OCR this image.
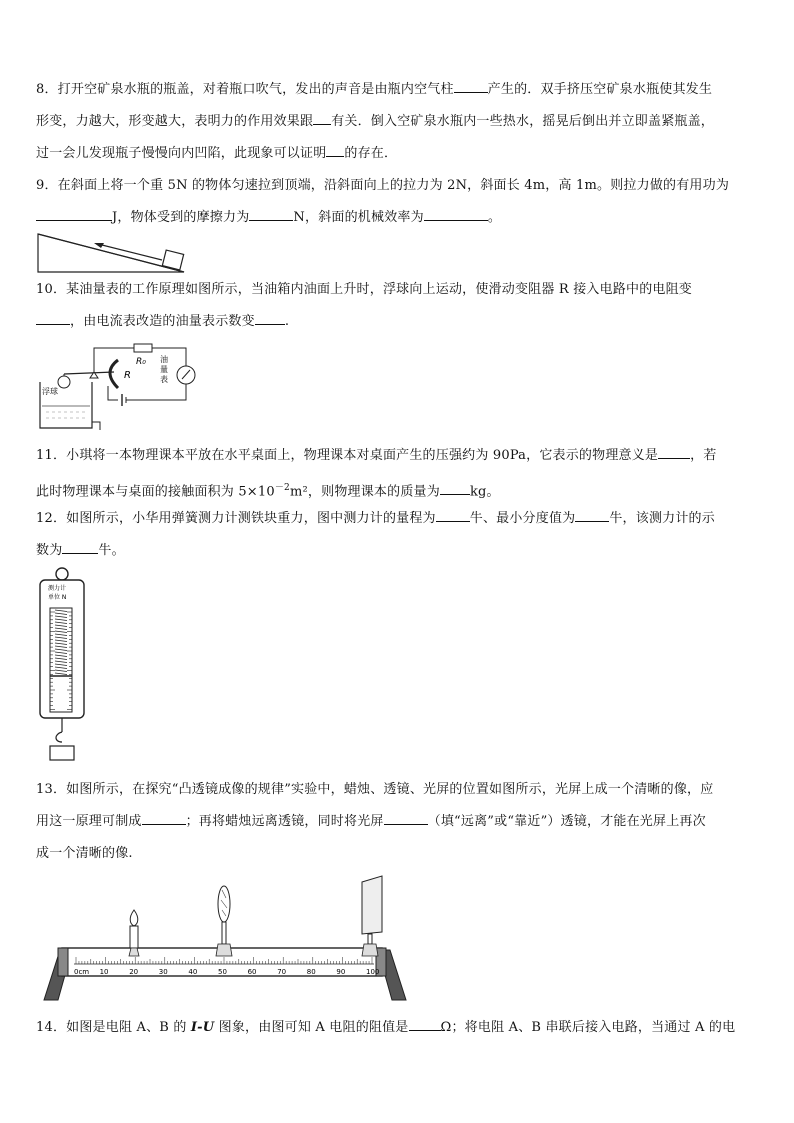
8．打开空矿泉水瓶的瓶盖，对着瓶口吹气，发出的声音是由瓶内空气柱	产生的．双手挤压空矿泉水瓶使其发生

形变，力越大，形变越大，表明力的作用效果跟 有关．倒入空矿泉水瓶内一些热水，摇晃后倒出并立即盖紧瓶盖，

过一会儿发现瓶子慢慢向内凹陷，此现象可以证明 的存在．

9．在斜面上将一个重 5N 的物体匀速拉到顶端，沿斜面向上的拉力为 2N，斜面长 4m，高 1m。则拉力做的有用功为

J，物体受到的摩擦力为	N，斜面的机械效率为	。

10．某油量表的工作原理如图所示，当油箱内油面上升时，浮球向上运动，使滑动变阻器 R 接入电路中的电阻变

，由电流表改造的油量表示数变 .

R₀
R
油
量
表
浮球

11．小琪将一本物理课本平放在水平桌面上，物理课本对桌面产生的压强约为 90Pa，它表示的物理意义是 ，若

此时物理课本与桌面的接触面积为 $5\times 10^{-2}m^2$，则物理课本的质量为 kg。

12．如图所示，小华用弹簧测力计测铁块重力，图中测力计的量程为	牛、最小分度值为	牛，该测力计的示

数为	牛。

测力计
单位 N

13．如图所示，在探究“凸透镜成像的规律”实验中，蜡烛、透镜、光屏的位置如图所示，光屏上成一个清晰的像，应

用这一原理可制成	；再将蜡烛远离透镜，同时将光屏	（填“远离”或“靠近”）透镜，才能在光屏上再次

成一个清晰的像.

0cm 10	20	30	40	50	60	70	80	90	100

14．如图是电阻 A、B 的 I-U 图象，由图可知 A 电阻的阻值是 Ω；将电阻 A、B 串联后接入电路，当通过 A 的电
